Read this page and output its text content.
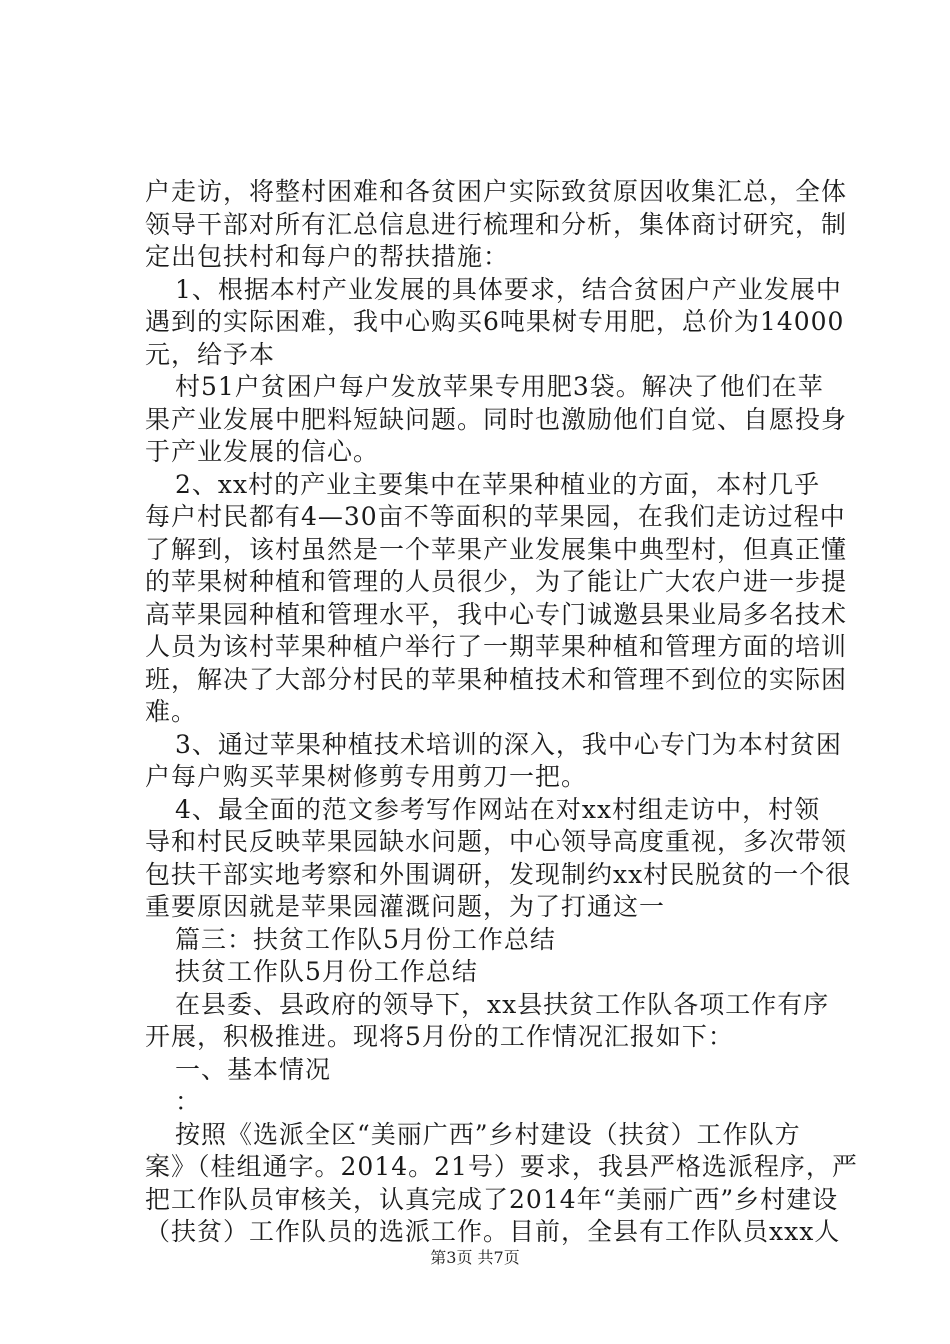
户走访，将整村困难和各贫困户实际致贫原因收集汇总，全体
领导干部对所有汇总信息进行梳理和分析，集体商讨研究，制
定出包扶村和每户的帮扶措施：
1、根据本村产业发展的具体要求，结合贫困户产业发展中
遇到的实际困难，我中心购买6吨果树专用肥，总价为14000
元，给予本
村51户贫困户每户发放苹果专用肥3袋。解决了他们在苹
果产业发展中肥料短缺问题。同时也激励他们自觉、自愿投身
于产业发展的信心。
2、xx村的产业主要集中在苹果种植业的方面，本村几乎
每户村民都有4—30亩不等面积的苹果园，在我们走访过程中
了解到，该村虽然是一个苹果产业发展集中典型村，但真正懂
的苹果树种植和管理的人员很少，为了能让广大农户进一步提
高苹果园种植和管理水平，我中心专门诚邀县果业局多名技术
人员为该村苹果种植户举行了一期苹果种植和管理方面的培训
班，解决了大部分村民的苹果种植技术和管理不到位的实际困
难。
3、通过苹果种植技术培训的深入，我中心专门为本村贫困
户每户购买苹果树修剪专用剪刀一把。
4、最全面的范文参考写作网站在对xx村组走访中，村领
导和村民反映苹果园缺水问题，中心领导高度重视，多次带领
包扶干部实地考察和外围调研，发现制约xx村民脱贫的一个很
重要原因就是苹果园灌溉问题，为了打通这一
篇三：扶贫工作队5月份工作总结
扶贫工作队5月份工作总结
在县委、县政府的领导下，xx县扶贫工作队各项工作有序
开展，积极推进。现将5月份的工作情况汇报如下：
一、基本情况
：
第3页 共7页
按照《选派全区“美丽广西”乡村建设（扶贫）工作队方
案》（桂组通字。2014。21号）要求，我县严格选派程序，严
把工作队员审核关，认真完成了2014年“美丽广西”乡村建设
（扶贫）工作队员的选派工作。目前，全县有工作队员xxx人
